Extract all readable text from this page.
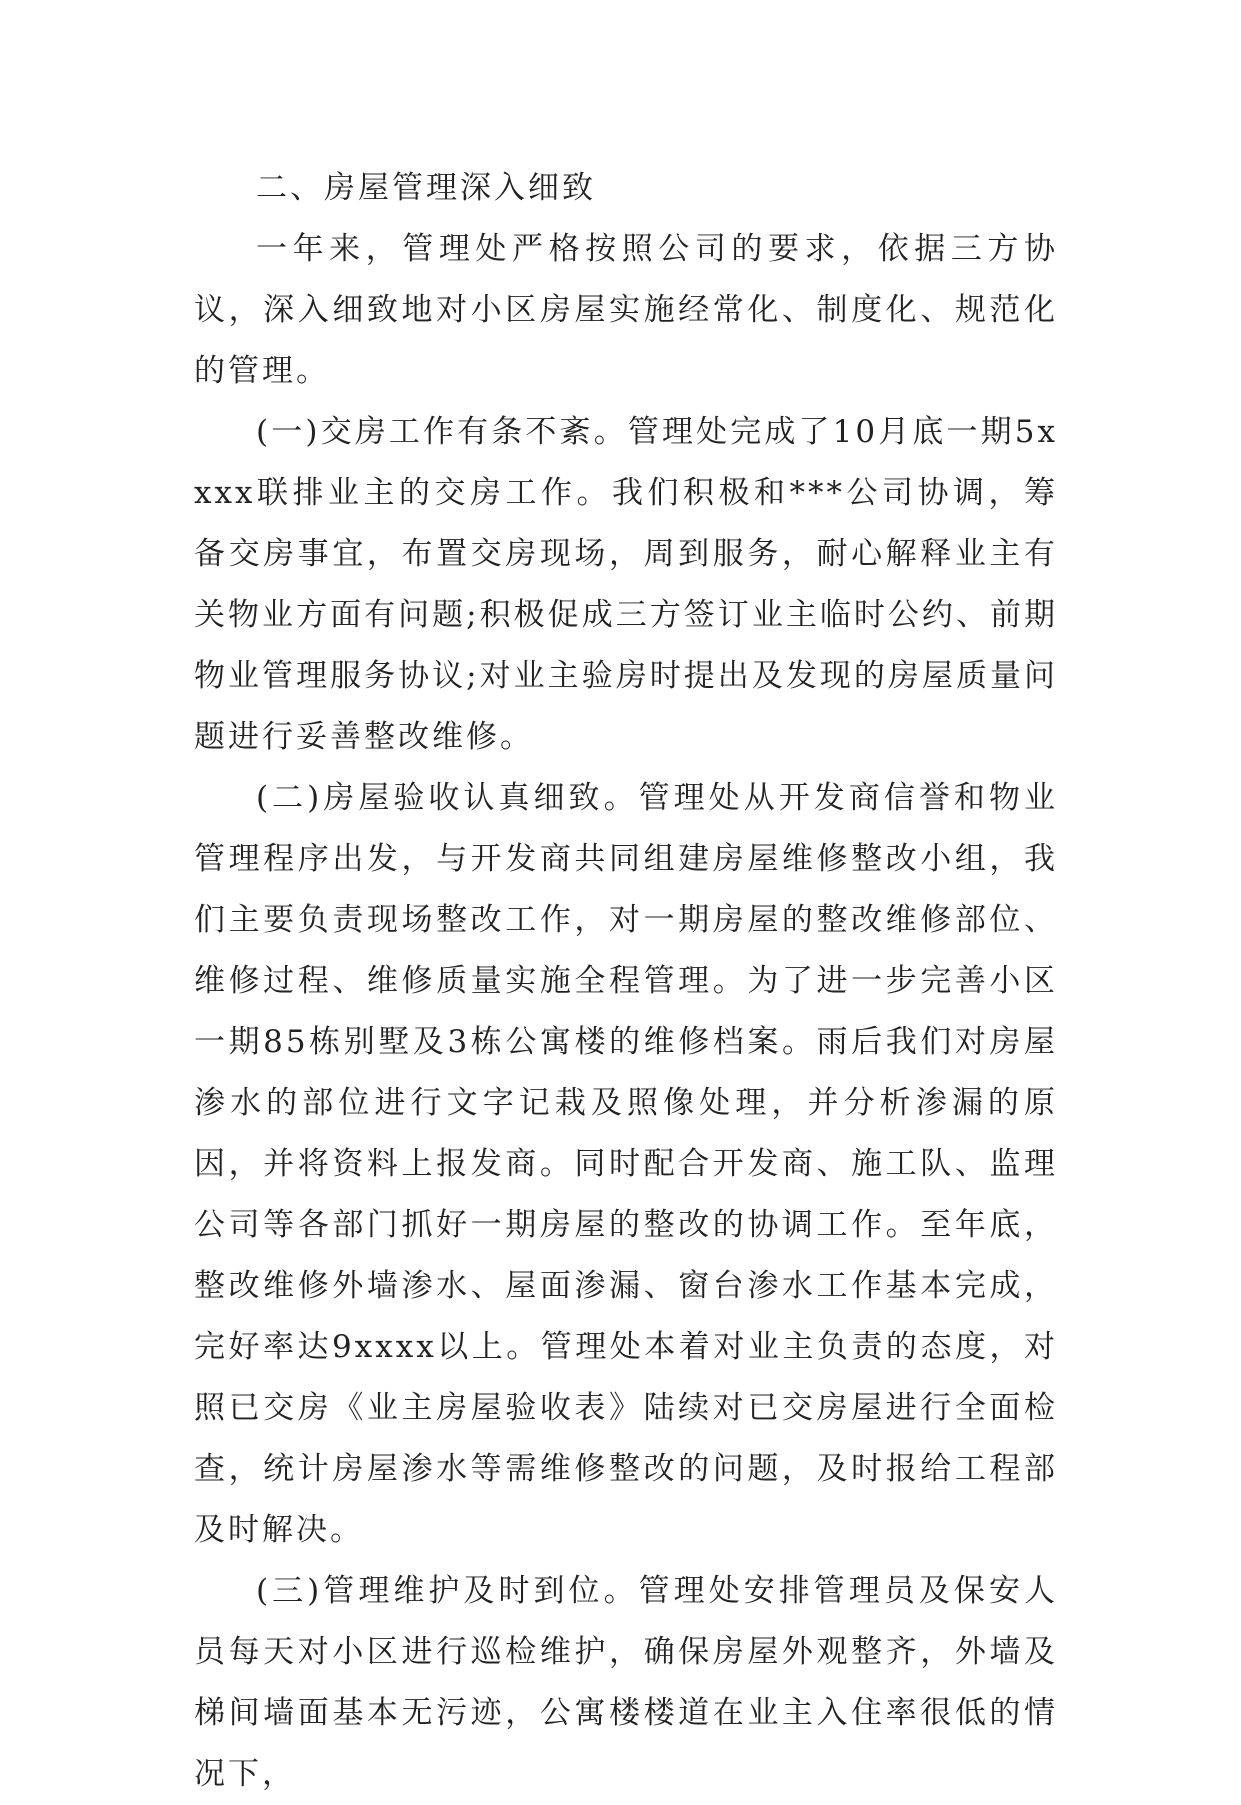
二、房屋管理深入细致

一年来，管理处严格按照公司的要求，依据三方协议，深入细致地对小区房屋实施经常化、制度化、规范化的管理。

(一)交房工作有条不紊。管理处完成了10月底一期5xxxx联排业主的交房工作。我们积极和***公司协调，筹备交房事宜，布置交房现场，周到服务，耐心解释业主有关物业方面有问题;积极促成三方签订业主临时公约、前期物业管理服务协议;对业主验房时提出及发现的房屋质量问题进行妥善整改维修。

(二)房屋验收认真细致。管理处从开发商信誉和物业管理程序出发，与开发商共同组建房屋维修整改小组，我们主要负责现场整改工作，对一期房屋的整改维修部位、维修过程、维修质量实施全程管理。为了进一步完善小区一期85栋别墅及3栋公寓楼的维修档案。雨后我们对房屋渗水的部位进行文字记栽及照像处理，并分析渗漏的原因，并将资料上报发商。同时配合开发商、施工队、监理公司等各部门抓好一期房屋的整改的协调工作。至年底，整改维修外墙渗水、屋面渗漏、窗台渗水工作基本完成，完好率达9xxxx以上。管理处本着对业主负责的态度，对照已交房《业主房屋验收表》陆续对已交房屋进行全面检查，统计房屋渗水等需维修整改的问题，及时报给工程部及时解决。

(三)管理维护及时到位。管理处安排管理员及保安人员每天对小区进行巡检维护，确保房屋外观整齐，外墙及梯间墙面基本无污迹，公寓楼楼道在业主入住率很低的情况下，
